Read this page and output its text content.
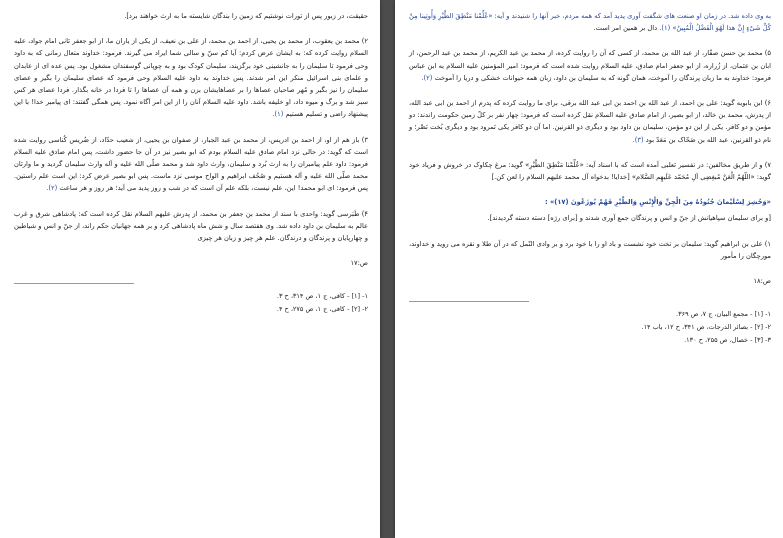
حقیقت، در زبور پس از تورات نوشتیم که زمین را بندگان شایسته ما به ارث خواهند برد].
۲) محمد بن یعقوب، از محمد بن یحیی، از احمد بن محمد، از علی بن نعیف، از یکی از یاران ما، از ابو جعفر ثانی امام جواد، علیه السلام روایت کرده که: به ایشان عرض کردم: آیا کم سنّ و سالی شما ایراد می گیرند. فرمود: خداوند متعال زمانی که به داود وحی فرمود تا سلیمان را به جانشینی خود برگزیند، سلیمان کودک بود و به چوپانی گوسفندان مشغول بود. پس عده ای از عابدان و علمای بنی اسرائیل منکر این امر شدند. پس خداوند به داود علیه السلام وحی فرمود که عصای سلیمان را بگیر و عصای سلیمان را نیز بگیر و مُهر صاحبان عصاها را بر عصاهایشان بزن و همه آن عصاها را تا فردا در خانه بگذار. فردا عصای هر کس سبز شد و برگ و میوه داد، او خلیفه باشد. داود علیه السلام آنان را از این امر آگاه نمود. پس همگی گفتند: ای پیامبر خدا! با این پیشنهاد راضی و تسلیم هستیم (۱).
۳) باز هم از او، از احمد بن ادریس، از محمد بن عبد الجبار، از صفوان بن یحیی، از شعیب حدّاد، از ضُریس کُناسی روایت شده است که گوید: در حالی نزد امام صادق علیه السلام بودم که ابو بصیر نیز در آن جا حضور داشت، پس امام صادق علیه السلام فرمود: داود علم پیامبران را به ارث بُرد و سلیمان، وارث داود شد و محمد صلّی الله علیه و آله وارث سلیمان گردید و ما وارثان محمد صلّی الله علیه و آله هستیم و صُحُف ابراهیم و الواح موسی نزد ماست. پس ابو بصیر عرض کرد: این است علم راستین. پس فرمود: ای ابو محمد! این، علم نیست، بلکه علم آن است که در شب و روز پدید می آید؛ هر روز و هر ساعت (۲).
۴) طَبَرسی گوید: واحدی با سند از محمد بن جعفر بن محمد، از پدرش علیهم السلام نقل کرده است که: پادشاهی شرق و غرب عالم به سلیمان بن داود داده شد. وی هفتصد سال و شش ماه پادشاهی کرد و بر همه جهانیان حکم راند، از جنّ و انس و شیاطین و چهارپایان و پرندگان و درندگان. علم هر چیز و زبان هر چیزی
ص:۱۷
۱- [۱] - کافی، ج ۱، ص ۳۱۴، ح ۳.
۲- [۲] - کافی، ج ۱، ص ۲۷۵، ح ۴.
به وی داده شد. در زمان او صنعت های شگفت آوری پدید آمد که همه مردم، خبر آنها را شنیدند و آیه: «عُلِّمْنا مَنْطِقَ الطَّیْرِ وَأُوتِینا مِنْ کُلِّ شَیْءٍ إِنَّ هذا لَهُوَ الْفَضْلُ الْمُبِینُ» (۱). دال بر همین امر است.
۵) محمد بن حسن صفّار، از عبد الله بن محمد، از کسی که آن را روایت کرده، از محمد بن عبد الکریم، از محمد بن عبد الرحمن، از ابان بن عثمان، از زُراره، از ابو جعفر امام صادق، علیه السلام روایت شده است که فرمود: امیر المؤمنین علیه السلام به ابن عباس فرمود: خداوند به ما زبان پرندگان را آموخت، همان گونه که به سلیمان بن داود، زبان همه حیوانات خشکی و دریا را آموخت (۲).
۶) ابن بابویه گوید: علی بن احمد، از عبد الله بن احمد بن ابی عبد الله برقی، برای ما روایت کرده که پدرم از احمد بن ابی عبد الله، از پدرش، محمد بن خالد، از ابو بصیر، از امام صادق علیه السلام نقل کرده است که فرمود: چهار نفر بر کلّ زمین حکومت راندند: دو مؤمن و دو کافر. یکی از این دو مؤمن، سلیمان بن داود بود و دیگری ذو القرنین. اما آن دو کافر یکی نَمرود بود و دیگری بُخت نَصَّر؛ و نام ذو القرنین، عبد الله بن ضَحّاک بن مَعَدّ بود (۳).
۷) و از طریق مخالفین: در تفسیر ثعلبی آمده است که با اسناد آیه: «عُلِّمْنا مَنْطِقَ الطَّیْرِ» گوید: مرغ چکاوک در خروش و فریاد خود گوید: «اللّهُمّ الْعَنْ مُبغِضِی آلِ مُحَمّد عَلَیهِم السَّلام» [خدایا! بدخواه آل محمد علیهم السلام را لعن کن.]
«وَحُشِرَ لِسُلَیْمانَ جُنُودُهُ مِنَ الْجِنِّ وَالْإِنْسِ وَالطَّیْرِ فَهُمْ یُوزَعُونَ (۱۷)» :
[و برای سلیمان سپاهیانش از جنّ و انس و پرندگان جمع آوری شدند و [برای رژه] دسته دسته گردیدند].
۱) علی بن ابراهیم گوید: سلیمان بر تخت خود نشست و باد او را با خود برد و بر وادی النّمل که در آن طلا و نقره می روید و خداوند، مورچگان را مأمور
ص:۱۸
۱- [۱] - مجمع البیان، ج ۷، ص ۳۶۹.
۲- [۲] - بصائر الدرجات، ص ۳۴۱، ح ۱۲، باب ۱۴.
۳- [۳] - خصال، ص ۲۵۵، ح ۱۳۰.
